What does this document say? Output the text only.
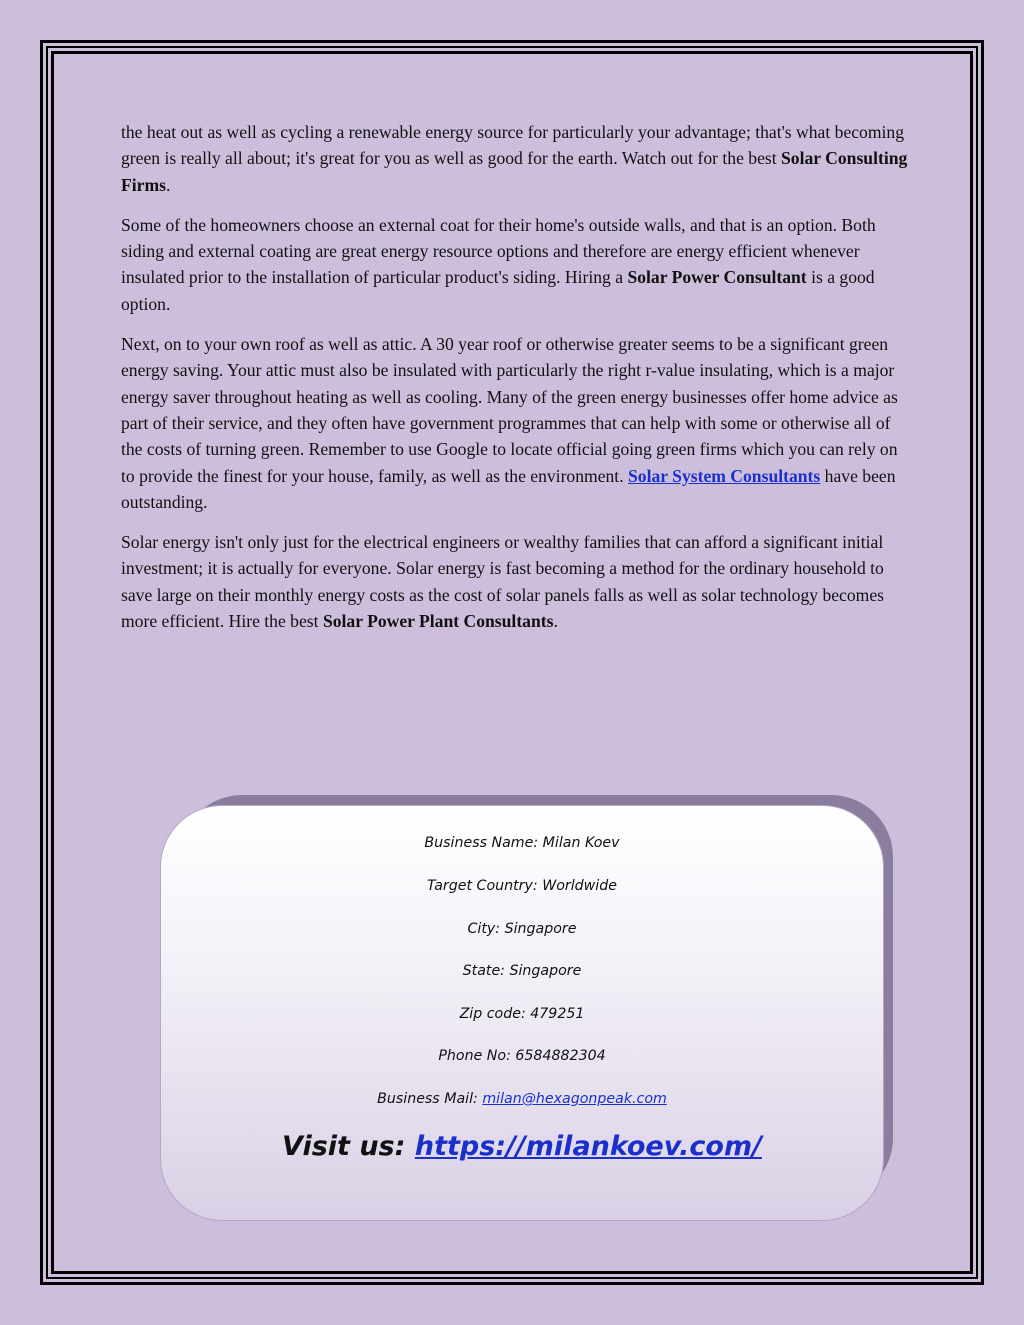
the heat out as well as cycling a renewable energy source for particularly your advantage; that's what becoming green is really all about; it's great for you as well as good for the earth. Watch out for the best Solar Consulting Firms.

Some of the homeowners choose an external coat for their home's outside walls, and that is an option. Both siding and external coating are great energy resource options and therefore are energy efficient whenever insulated prior to the installation of particular product's siding. Hiring a Solar Power Consultant is a good option.

Next, on to your own roof as well as attic. A 30 year roof or otherwise greater seems to be a significant green energy saving. Your attic must also be insulated with particularly the right r-value insulating, which is a major energy saver throughout heating as well as cooling. Many of the green energy businesses offer home advice as part of their service, and they often have government programmes that can help with some or otherwise all of the costs of turning green. Remember to use Google to locate official going green firms which you can rely on to provide the finest for your house, family, as well as the environment. Solar System Consultants have been outstanding.

Solar energy isn't only just for the electrical engineers or wealthy families that can afford a significant initial investment; it is actually for everyone. Solar energy is fast becoming a method for the ordinary household to save large on their monthly energy costs as the cost of solar panels falls as well as solar technology becomes more efficient. Hire the best Solar Power Plant Consultants.

Business Name: Milan Koev
Target Country: Worldwide
City: Singapore
State: Singapore
Zip code: 479251
Phone No: 6584882304
Business Mail: milan@hexagonpeak.com
Visit us: https://milankoev.com/
